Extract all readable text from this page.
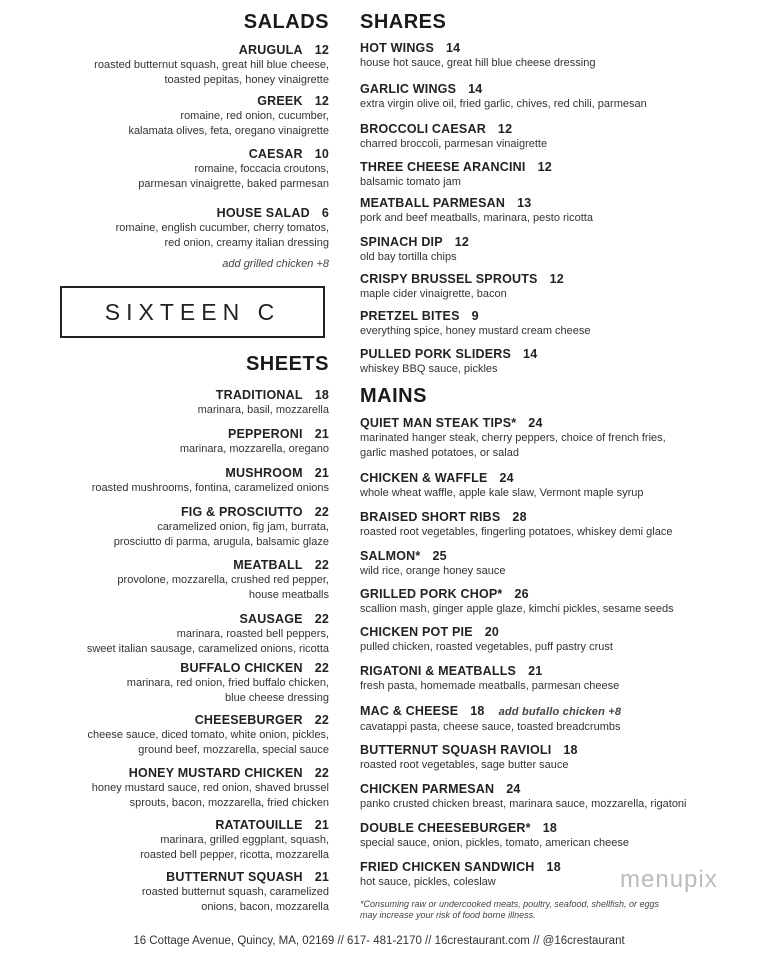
SALADS
ARUGULA 12
roasted butternut squash, great hill blue cheese,
toasted pepitas, honey vinaigrette
GREEK 12
romaine, red onion, cucumber,
kalamata olives, feta, oregano vinaigrette
CAESAR 10
romaine, foccacia croutons,
parmesan vinaigrette, baked parmesan
HOUSE SALAD 6
romaine, english cucumber, cherry tomatos,
red onion, creamy italian dressing
add grilled chicken +8
SIXTEEN C
SHEETS
TRADITIONAL 18
marinara, basil, mozzarella
PEPPERONI 21
marinara, mozzarella, oregano
MUSHROOM 21
roasted mushrooms, fontina, caramelized onions
FIG & PROSCIUTTO 22
caramelized onion, fig jam, burrata,
prosciutto di parma, arugula, balsamic glaze
MEATBALL 22
provolone, mozzarella, crushed red pepper,
house meatballs
SAUSAGE 22
marinara, roasted bell peppers,
sweet italian sausage, caramelized onions, ricotta
BUFFALO CHICKEN 22
marinara, red onion, fried buffalo chicken,
blue cheese dressing
CHEESEBURGER 22
cheese sauce, diced tomato, white onion, pickles,
ground beef, mozzarella, special sauce
HONEY MUSTARD CHICKEN 22
honey mustard sauce, red onion, shaved brussel
sprouts, bacon, mozzarella, fried chicken
RATATOUILLE 21
marinara, grilled eggplant, squash,
roasted bell pepper, ricotta, mozzarella
BUTTERNUT SQUASH 21
roasted butternut squash, caramelized
onions, bacon, mozzarella
SHARES
HOT WINGS 14
house hot sauce, great hill blue cheese dressing
GARLIC WINGS 14
extra virgin olive oil, fried garlic, chives, red chili, parmesan
BROCCOLI CAESAR 12
charred broccoli, parmesan vinaigrette
THREE CHEESE ARANCINI 12
balsamic tomato jam
MEATBALL PARMESAN 13
pork and beef meatballs, marinara, pesto ricotta
SPINACH DIP 12
old bay tortilla chips
CRISPY BRUSSEL SPROUTS 12
maple cider vinaigrette, bacon
PRETZEL BITES 9
everything spice, honey mustard cream cheese
PULLED PORK SLIDERS 14
whiskey BBQ sauce, pickles
MAINS
QUIET MAN STEAK TIPS* 24
marinated hanger steak, cherry peppers, choice of french fries,
garlic mashed potatoes, or salad
CHICKEN & WAFFLE 24
whole wheat waffle, apple kale slaw, Vermont maple syrup
BRAISED SHORT RIBS 28
roasted root vegetables, fingerling potatoes, whiskey demi glace
SALMON* 25
wild rice, orange honey sauce
GRILLED PORK CHOP* 26
scallion mash, ginger apple glaze, kimchi pickles, sesame seeds
CHICKEN POT PIE 20
pulled chicken, roasted vegetables, puff pastry crust
RIGATONI & MEATBALLS 21
fresh pasta, homemade meatballs, parmesan cheese
MAC & CHEESE 18 add bufallo chicken +8
cavatappi pasta, cheese sauce, toasted breadcrumbs
BUTTERNUT SQUASH RAVIOLI 18
roasted root vegetables, sage butter sauce
CHICKEN PARMESAN 24
panko crusted chicken breast, marinara sauce, mozzarella, rigatoni
DOUBLE CHEESEBURGER* 18
special sauce, onion, pickles, tomato, american cheese
FRIED CHICKEN SANDWICH 18
hot sauce, pickles, coleslaw
*Consuming raw or undercooked meats, poultry, seafood, shellfish, or eggs
may increase your risk of food borne illness.
menupix
16 Cottage Avenue, Quincy, MA, 02169 // 617- 481-2170 // 16crestaurant.com // @16crestaurant
